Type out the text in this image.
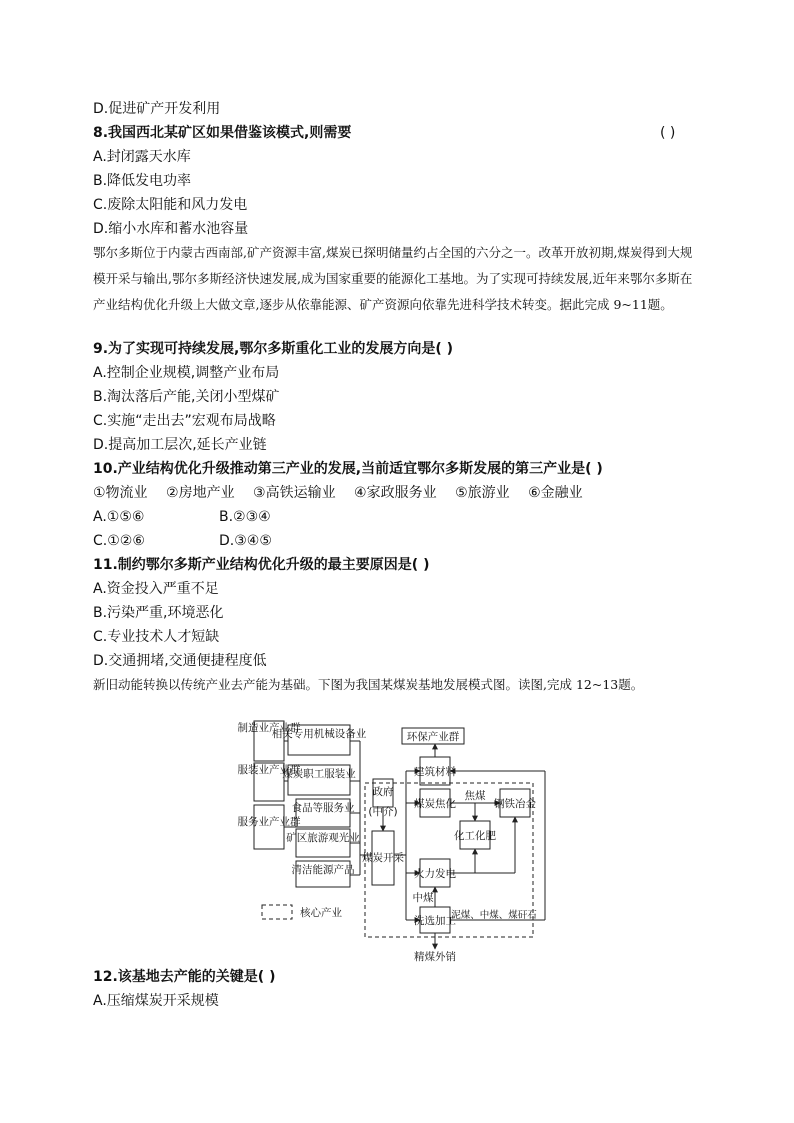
D.促进矿产开发利用
8.我国西北某矿区如果借鉴该模式,则需要	( )
A.封闭露天水库
B.降低发电功率
C.废除太阳能和风力发电
D.缩小水库和蓄水池容量
鄂尔多斯位于内蒙古西南部,矿产资源丰富,煤炭已探明储量约占全国的六分之一。改革开放初期,煤炭得到大规模开采与输出,鄂尔多斯经济快速发展,成为国家重要的能源化工基地。为了实现可持续发展,近年来鄂尔多斯在产业结构优化升级上大做文章,逐步从依靠能源、矿产资源向依靠先进科学技术转变。据此完成 9~11题。
9.为了实现可持续发展,鄂尔多斯重化工业的发展方向是( )
A.控制企业规模,调整产业布局
B.淘汰落后产能,关闭小型煤矿
C.实施“走出去”宏观布局战略
D.提高加工层次,延长产业链
10.产业结构优化升级推动第三产业的发展,当前适宜鄂尔多斯发展的第三产业是( )
①物流业 ②房地产业 ③高铁运输业 ④家政服务业 ⑤旅游业 ⑥金融业
A.①⑤⑥	B.②③④
C.①②⑥	D.③④⑤
11.制约鄂尔多斯产业结构优化升级的最主要原因是( )
A.资金投入严重不足
B.污染严重,环境恶化
C.专业技术人才短缺
D.交通拥堵,交通便捷程度低
新旧动能转换以传统产业去产能为基础。下图为我国某煤炭基地发展模式图。读图,完成 12~13题。
制造业产业群
服装业产业群
服务业产业群
相关专用机械设备业
煤炭职工服装业
食品等服务业
矿区旅游观光业
清洁能源产品
政府
(中介)
煤炭开采
环保产业群
建筑材料
煤炭焦化
焦煤
钢铁冶金
化工化肥
火力发电
中煤
洗选加工
泥煤、中煤、煤矸石
精煤外销
核心产业
12.该基地去产能的关键是( )
A.压缩煤炭开采规模
